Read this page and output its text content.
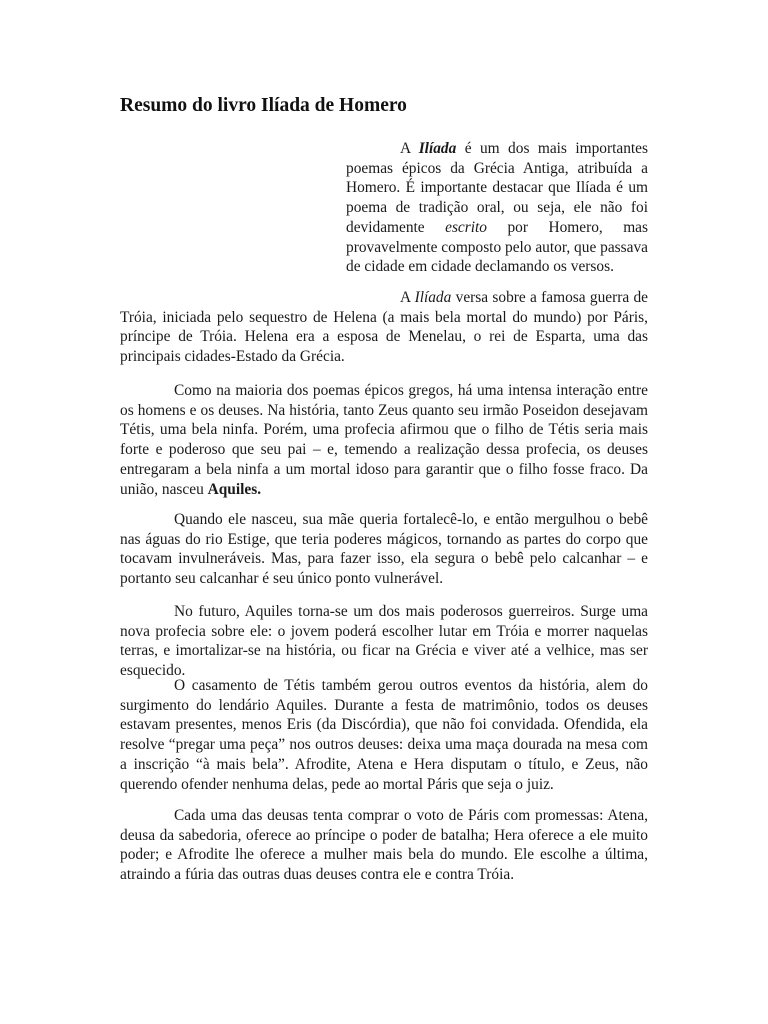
Resumo do livro Ilíada de Homero

A Ilíada é um dos mais importantes poemas épicos da Grécia Antiga, atribuída a Homero. É importante destacar que Ilíada é um poema de tradição oral, ou seja, ele não foi devidamente escrito por Homero, mas provavelmente composto pelo autor, que passava de cidade em cidade declamando os versos.

A Ilíada versa sobre a famosa guerra de Tróia, iniciada pelo sequestro de Helena (a mais bela mortal do mundo) por Páris, príncipe de Tróia. Helena era a esposa de Menelau, o rei de Esparta, uma das principais cidades-Estado da Grécia.

Como na maioria dos poemas épicos gregos, há uma intensa interação entre os homens e os deuses. Na história, tanto Zeus quanto seu irmão Poseidon desejavam Tétis, uma bela ninfa. Porém, uma profecia afirmou que o filho de Tétis seria mais forte e poderoso que seu pai – e, temendo a realização dessa profecia, os deuses entregaram a bela ninfa a um mortal idoso para garantir que o filho fosse fraco. Da união, nasceu Aquiles.

Quando ele nasceu, sua mãe queria fortalecê-lo, e então mergulhou o bebê nas águas do rio Estige, que teria poderes mágicos, tornando as partes do corpo que tocavam invulneráveis. Mas, para fazer isso, ela segura o bebê pelo calcanhar – e portanto seu calcanhar é seu único ponto vulnerável.

No futuro, Aquiles torna-se um dos mais poderosos guerreiros. Surge uma nova profecia sobre ele: o jovem poderá escolher lutar em Tróia e morrer naquelas terras, e imortalizar-se na história, ou ficar na Grécia e viver até a velhice, mas ser esquecido.

O casamento de Tétis também gerou outros eventos da história, alem do surgimento do lendário Aquiles. Durante a festa de matrimônio, todos os deuses estavam presentes, menos Eris (da Discórdia), que não foi convidada. Ofendida, ela resolve “pregar uma peça” nos outros deuses: deixa uma maça dourada na mesa com a inscrição “à mais bela”. Afrodite, Atena e Hera disputam o título, e Zeus, não querendo ofender nenhuma delas, pede ao mortal Páris que seja o juiz.

Cada uma das deusas tenta comprar o voto de Páris com promessas: Atena, deusa da sabedoria, oferece ao príncipe o poder de batalha; Hera oferece a ele muito poder; e Afrodite lhe oferece a mulher mais bela do mundo. Ele escolhe a última, atraindo a fúria das outras duas deuses contra ele e contra Tróia.
